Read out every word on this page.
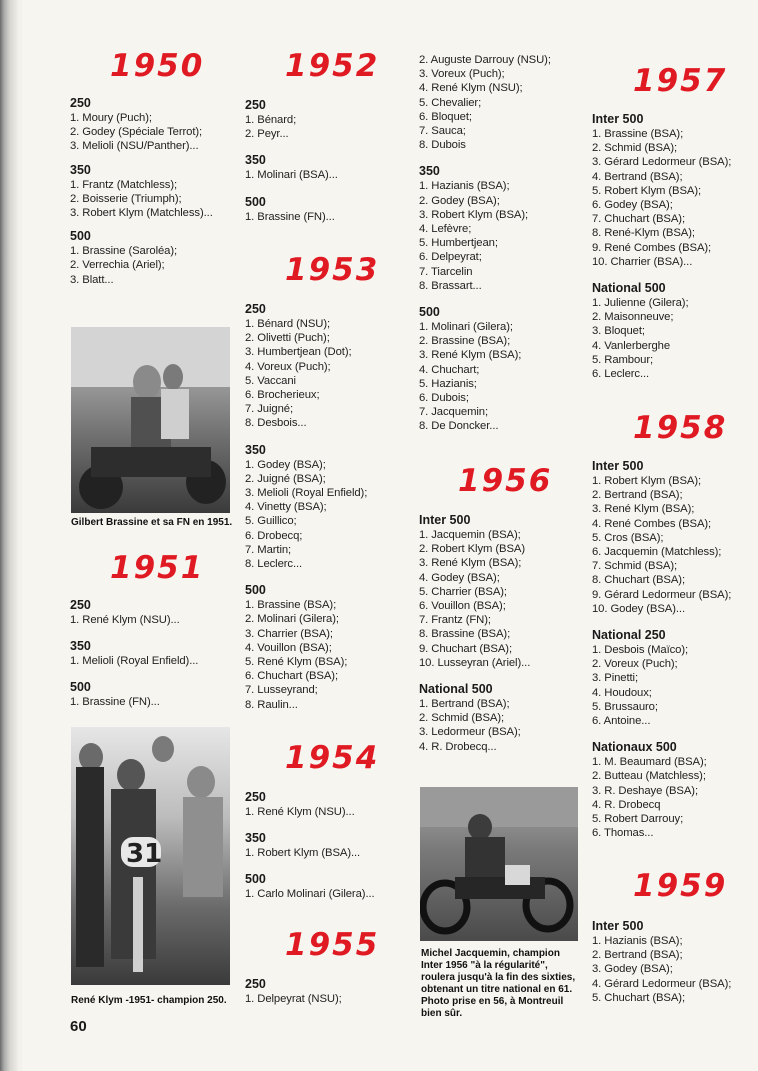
1950

250

1. Moury (Puch);

2. Godey (Spéciale Terrot);

3. Melioli (NSU/Panther)...

350

1. Frantz (Matchless);

2. Boisserie (Triumph);

3. Robert Klym (Matchless)...

500

1. Brassine (Saroléa);

2. Verrechia (Ariel);

3. Blatt...

Gilbert Brassine et sa FN en 1951.
1951

250

1. René Klym (NSU)...

350

1. Melioli (Royal Enfield)...

500

1. Brassine (FN)...

31
René Klym -1951- champion 250.
60
1952

250

1. Bénard;

2. Peyr...

350

1. Molinari (BSA)...

500

1. Brassine (FN)...

1953

250

1. Bénard (NSU);

2. Olivetti (Puch);

3. Humbertjean (Dot);

4. Voreux (Puch);

5. Vaccani

6. Brocherieux;

7. Juigné;

8. Desbois...

350

1. Godey (BSA);

2. Juigné (BSA);

3. Melioli (Royal Enfield);

4. Vinetty (BSA);

5. Guillico;

6. Drobecq;

7. Martin;

8. Leclerc...

500

1. Brassine (BSA);

2. Molinari (Gilera);

3. Charrier (BSA);

4. Vouillon (BSA);

5. René Klym (BSA);

6. Chuchart (BSA);

7. Lusseyrand;

8. Raulin...

1954

250

1. René Klym (NSU)...

350

1. Robert Klym (BSA)...

500

1. Carlo Molinari (Gilera)...

1955

250

1. Delpeyrat (NSU);

2. Auguste Darrouy (NSU);

3. Voreux (Puch);

4. René Klym (NSU);

5. Chevalier;

6. Bloquet;

7. Sauca;

8. Dubois

350

1. Hazianis (BSA);

2. Godey (BSA);

3. Robert Klym (BSA);

4. Lefèvre;

5. Humbertjean;

6. Delpeyrat;

7. Tiarcelin

8. Brassart...

500

1. Molinari (Gilera);

2. Brassine (BSA);

3. René Klym (BSA);

4. Chuchart;

5. Hazianis;

6. Dubois;

7. Jacquemin;

8. De Doncker...

1956

Inter 500

1. Jacquemin (BSA);

2. Robert Klym (BSA)

3. René Klym (BSA);

4. Godey (BSA);

5. Charrier (BSA);

6. Vouillon (BSA);

7. Frantz (FN);

8. Brassine (BSA);

9. Chuchart (BSA);

10. Lusseyran (Ariel)...

National 500

1. Bertrand (BSA);

2. Schmid (BSA);

3. Ledormeur (BSA);

4. R. Drobecq...

Michel Jacquemin, champion Inter 1956 "à la régularité", roulera jusqu'à la fin des sixties, obtenant un titre national en 61. Photo prise en 56, à Montreuil bien sûr.
1957

Inter 500

1. Brassine (BSA);

2. Schmid (BSA);

3. Gérard Ledormeur (BSA);

4. Bertrand (BSA);

5. Robert Klym (BSA);

6. Godey (BSA);

7. Chuchart (BSA);

8. René-Klym (BSA);

9. René Combes (BSA);

10. Charrier (BSA)...

National 500

1. Julienne (Gilera);

2. Maisonneuve;

3. Bloquet;

4. Vanlerberghe

5. Rambour;

6. Leclerc...

1958

Inter 500

1. Robert Klym (BSA);

2. Bertrand (BSA);

3. René Klym (BSA);

4. René Combes (BSA);

5. Cros (BSA);

6. Jacquemin (Matchless);

7. Schmid (BSA);

8. Chuchart (BSA);

9. Gérard Ledormeur (BSA);

10. Godey (BSA)...

National 250

1. Desbois (Maïco);

2. Voreux (Puch);

3. Pinetti;

4. Houdoux;

5. Brussauro;

6. Antoine...

Nationaux 500

1. M. Beaumard (BSA);

2. Butteau (Matchless);

3. R. Deshaye (BSA);

4. R. Drobecq

5. Robert Darrouy;

6. Thomas...

1959

Inter 500

1. Hazianis (BSA);

2. Bertrand (BSA);

3. Godey (BSA);

4. Gérard Ledormeur (BSA);

5. Chuchart (BSA);
